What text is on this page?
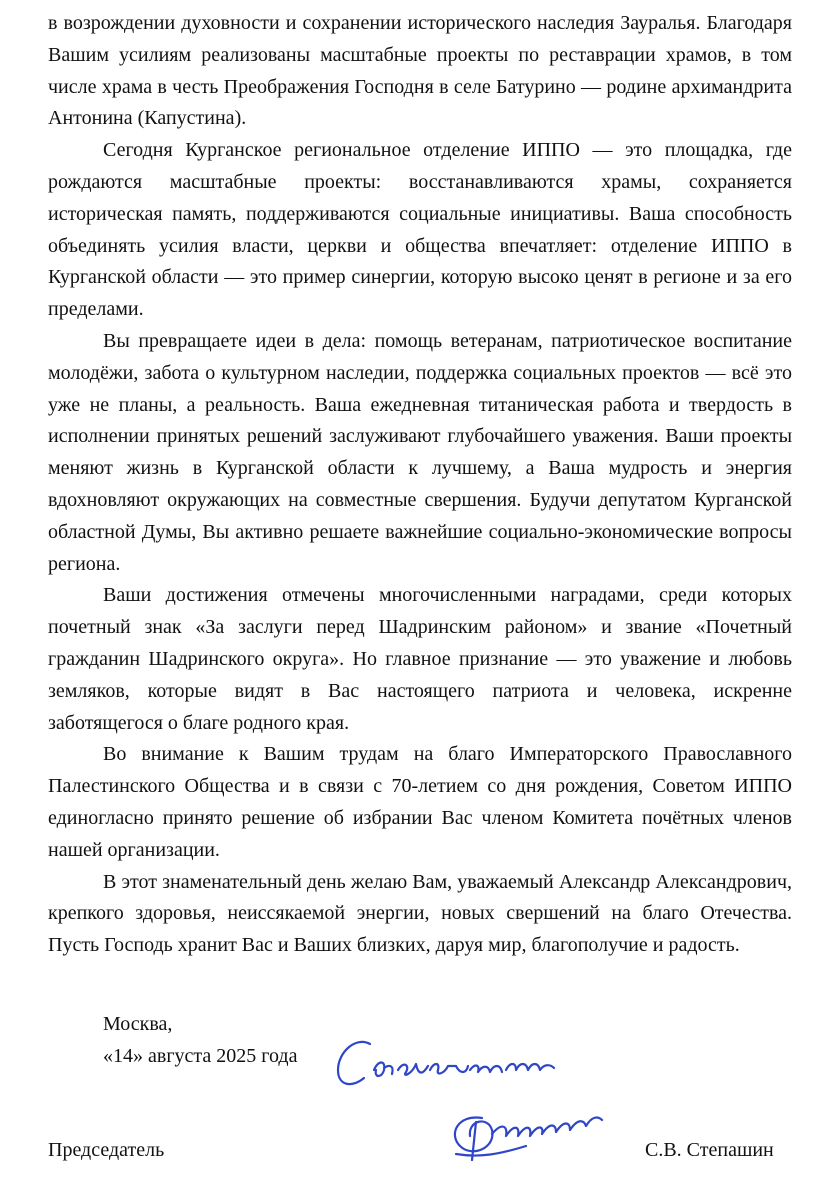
в возрождении духовности и сохранении исторического наследия Зауралья. Благодаря Вашим усилиям реализованы масштабные проекты по реставрации храмов, в том числе храма в честь Преображения Господня в селе Батурино — родине архимандрита Антонина (Капустина).

Сегодня Курганское региональное отделение ИППО — это площадка, где рождаются масштабные проекты: восстанавливаются храмы, сохраняется историческая память, поддерживаются социальные инициативы. Ваша способность объединять усилия власти, церкви и общества впечатляет: отделение ИППО в Курганской области — это пример синергии, которую высоко ценят в регионе и за его пределами.

Вы превращаете идеи в дела: помощь ветеранам, патриотическое воспитание молодёжи, забота о культурном наследии, поддержка социальных проектов — всё это уже не планы, а реальность. Ваша ежедневная титаническая работа и твердость в исполнении принятых решений заслуживают глубочайшего уважения. Ваши проекты меняют жизнь в Курганской области к лучшему, а Ваша мудрость и энергия вдохновляют окружающих на совместные свершения. Будучи депутатом Курганской областной Думы, Вы активно решаете важнейшие социально-экономические вопросы региона.

Ваши достижения отмечены многочисленными наградами, среди которых почетный знак «За заслуги перед Шадринским районом» и звание «Почетный гражданин Шадринского округа». Но главное признание — это уважение и любовь земляков, которые видят в Вас настоящего патриота и человека, искренне заботящегося о благе родного края.

Во внимание к Вашим трудам на благо Императорского Православного Палестинского Общества и в связи с 70-летием со дня рождения, Советом ИППО единогласно принято решение об избрании Вас членом Комитета почётных членов нашей организации.

В этот знаменательный день желаю Вам, уважаемый Александр Александрович, крепкого здоровья, неиссякаемой энергии, новых свершений на благо Отечества. Пусть Господь хранит Вас и Ваших близких, даруя мир, благополучие и радость.

Москва,
«14» августа 2025 года
Председатель	С.В. Степашин
